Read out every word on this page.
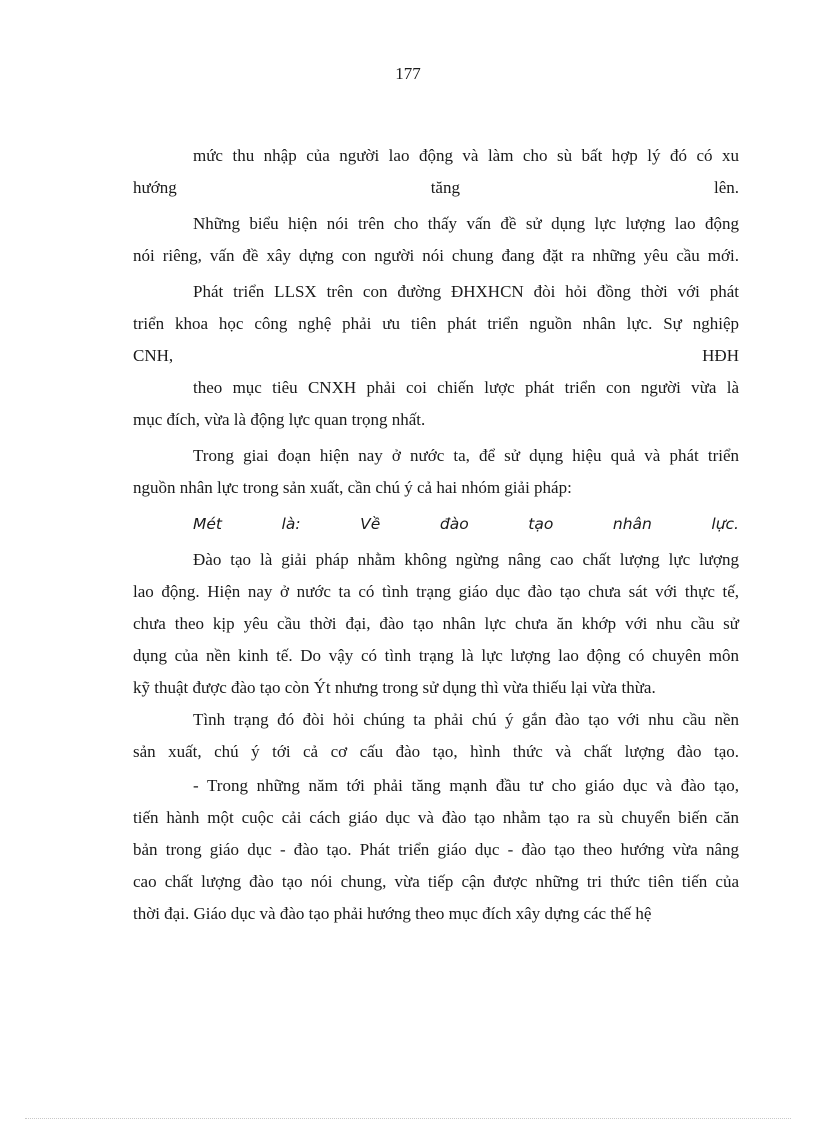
177
mức thu nhập của người lao động và làm cho sù bất hợp lý đó có xu
hướng	tăng	lên.
Những biểu hiện nói trên cho thấy vấn đề sử dụng lực lượng lao động
nói riêng, vấn đề xây dựng con người nói chung đang đặt ra những yêu cầu mới.
Phát triển LLSX trên con đường ĐHXHCN đòi hỏi đồng thời với phát
triển khoa học công nghệ phải ưu tiên phát triển nguồn nhân lực. Sự nghiệp
CNH,	HĐH
theo mục tiêu CNXH phải coi chiến lược phát triển con người vừa là
mục đích, vừa là động lực quan trọng nhất.
Trong giai đoạn hiện nay ở nước ta, để sử dụng hiệu quả và phát triển
nguồn nhân lực trong sản xuất, cần chú ý cả hai nhóm giải pháp:
Mét là: Về đào tạo nhân lực.
Đào tạo là giải pháp nhằm không ngừng nâng cao chất lượng lực lượng
lao động. Hiện nay ở nước ta có tình trạng giáo dục đào tạo chưa sát với thực tế,
chưa theo kịp yêu cầu thời đại, đào tạo nhân lực chưa ăn khớp với nhu cầu sử
dụng của nền kinh tế. Do vậy có tình trạng là lực lượng lao động có chuyên môn
kỹ thuật được đào tạo còn Ýt nhưng trong sử dụng thì vừa thiếu lại vừa thừa.
Tình trạng đó đòi hỏi chúng ta phải chú ý gắn đào tạo với nhu cầu nền
sản xuất, chú ý tới cả cơ cấu đào tạo, hình thức và chất lượng đào tạo.
- Trong những năm tới phải tăng mạnh đầu tư cho giáo dục và đào tạo,
tiến hành một cuộc cải cách giáo dục và đào tạo nhằm tạo ra sù chuyển biến căn
bản trong giáo dục - đào tạo. Phát triển giáo dục - đào tạo theo hướng vừa nâng
cao chất lượng đào tạo nói chung, vừa tiếp cận được những tri thức tiên tiến của
thời đại. Giáo dục và đào tạo phải hướng theo mục đích xây dựng các thế hệ
